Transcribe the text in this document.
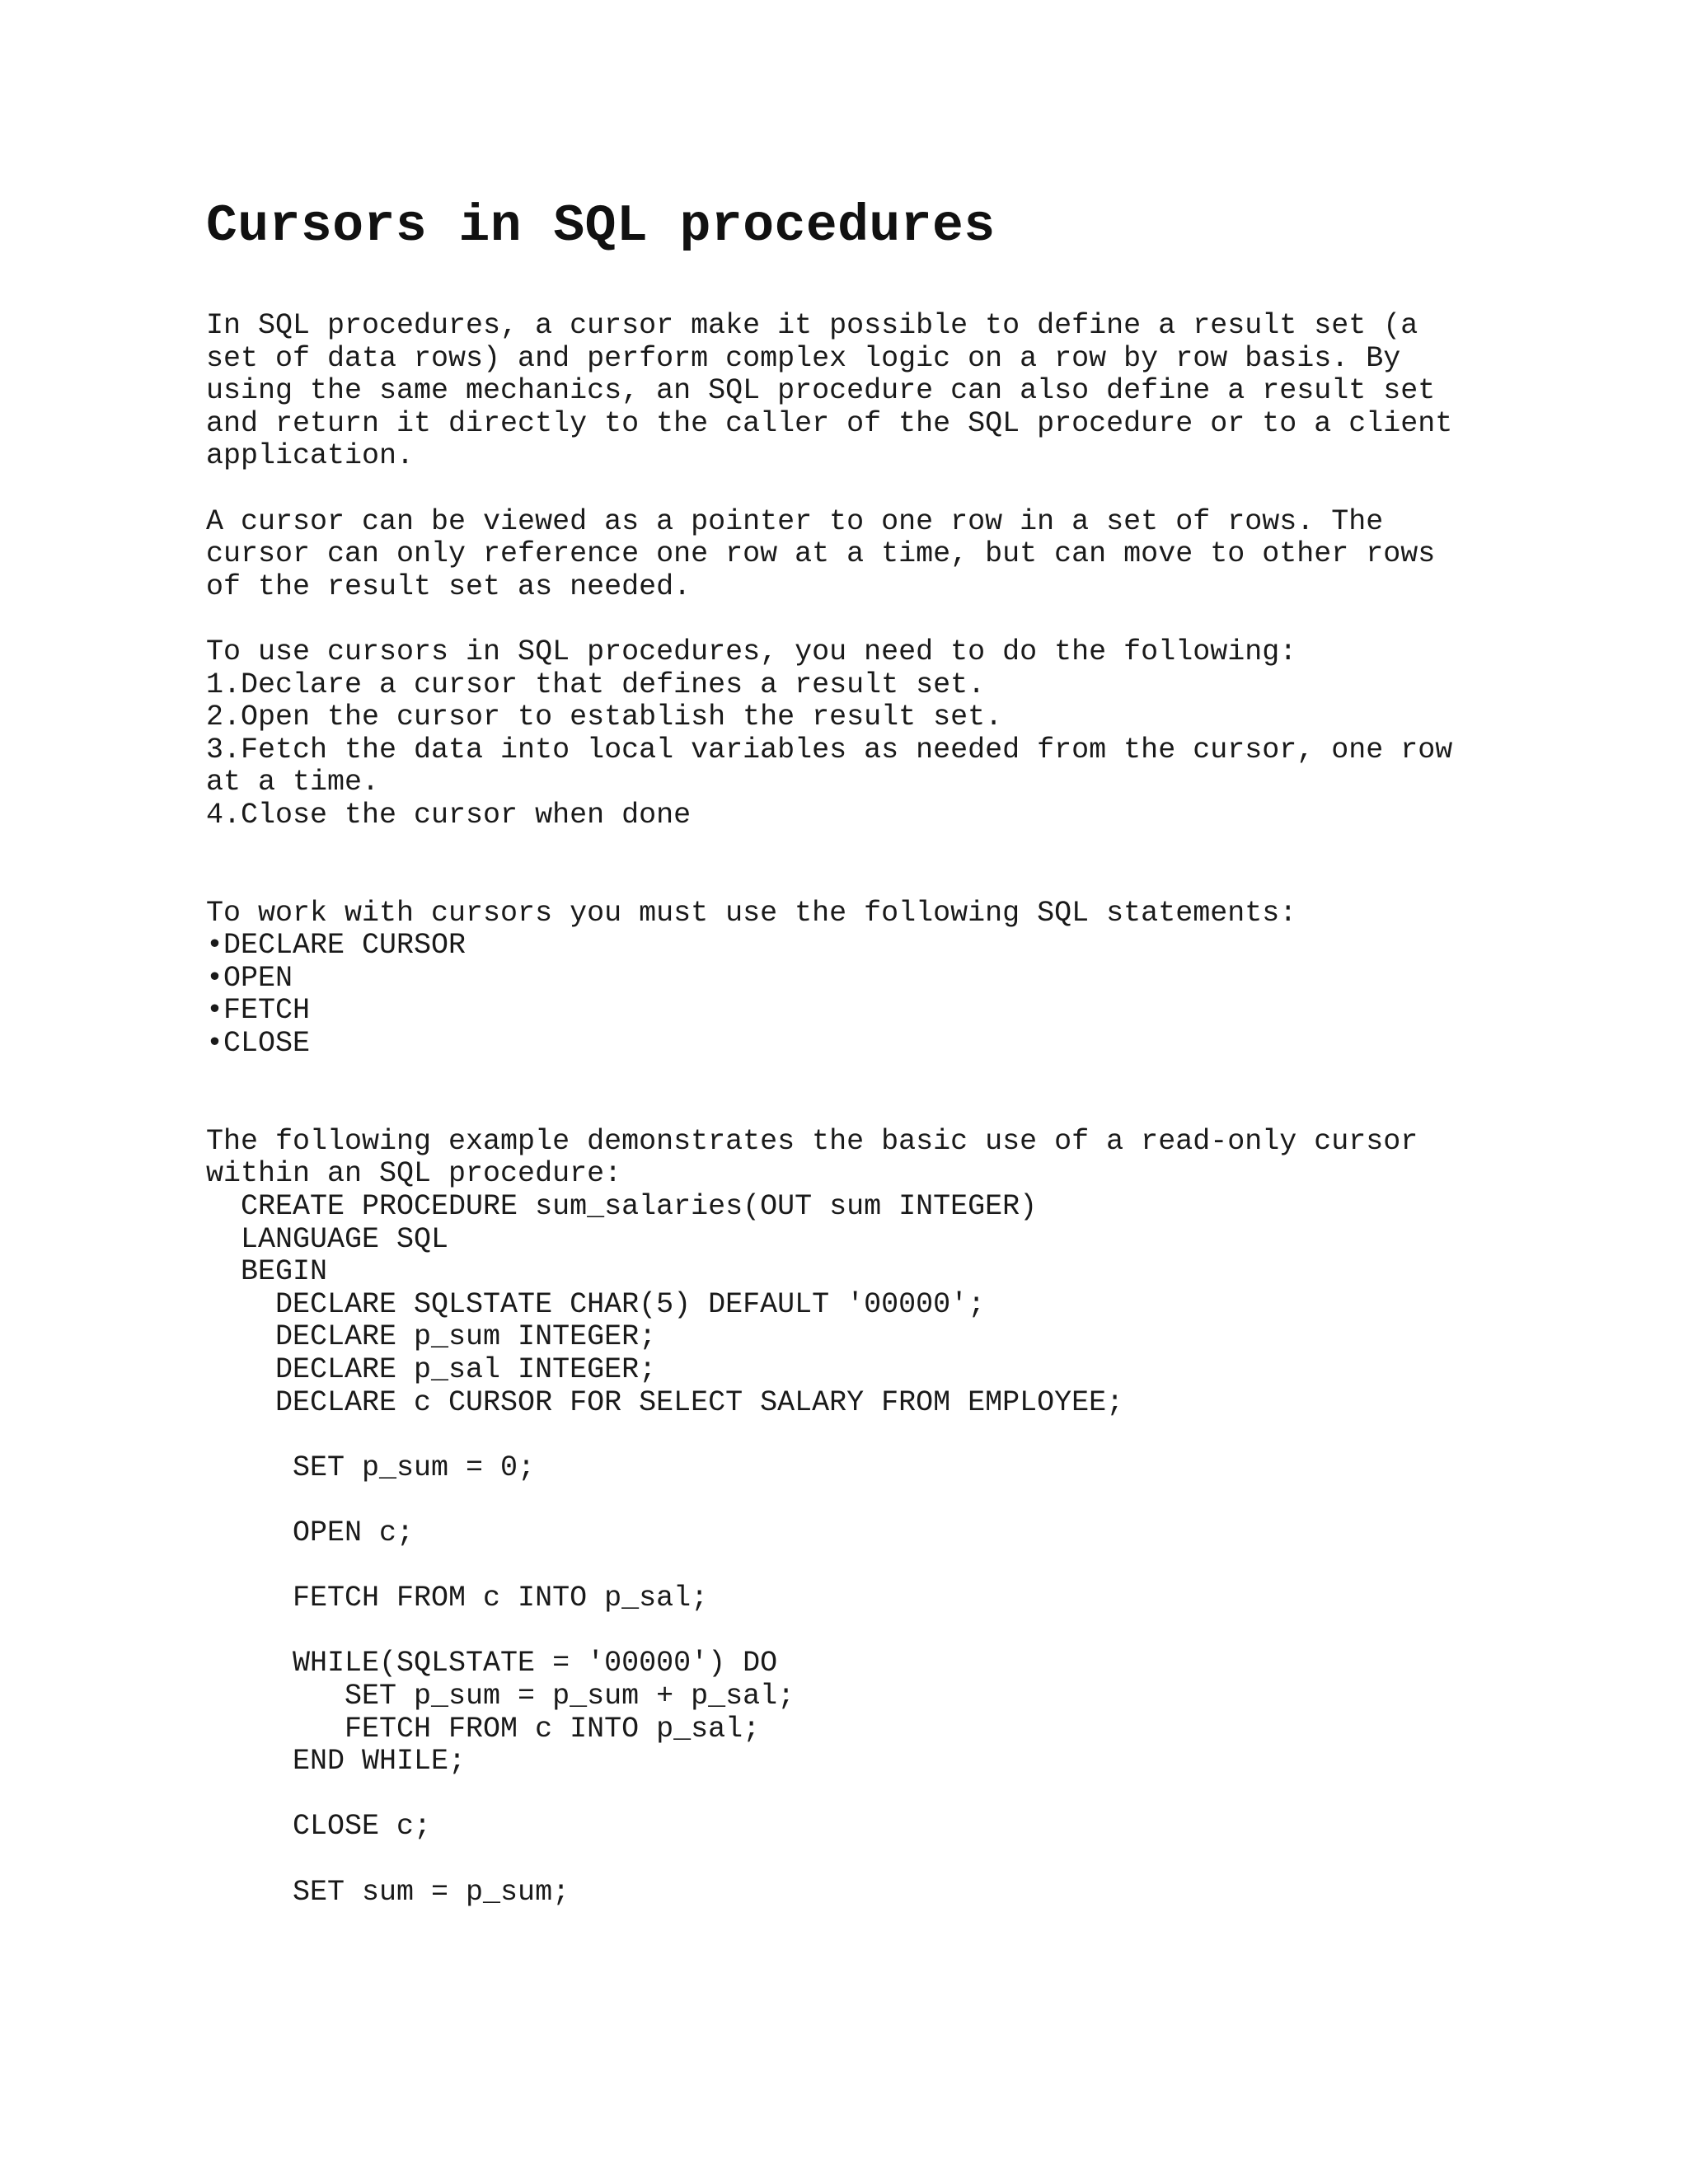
Cursors in SQL procedures
In SQL procedures, a cursor make it possible to define a result set (a
set of data rows) and perform complex logic on a row by row basis. By
using the same mechanics, an SQL procedure can also define a result set
and return it directly to the caller of the SQL procedure or to a client
application.
A cursor can be viewed as a pointer to one row in a set of rows. The
cursor can only reference one row at a time, but can move to other rows
of the result set as needed.
To use cursors in SQL procedures, you need to do the following:
1.Declare a cursor that defines a result set.
2.Open the cursor to establish the result set.
3.Fetch the data into local variables as needed from the cursor, one row
at a time.
4.Close the cursor when done
To work with cursors you must use the following SQL statements:
•DECLARE CURSOR
•OPEN
•FETCH
•CLOSE
The following example demonstrates the basic use of a read-only cursor
within an SQL procedure:
CREATE PROCEDURE sum_salaries(OUT sum INTEGER)
LANGUAGE SQL
BEGIN
DECLARE SQLSTATE CHAR(5) DEFAULT '00000';
DECLARE p_sum INTEGER;
DECLARE p_sal INTEGER;
DECLARE c CURSOR FOR SELECT SALARY FROM EMPLOYEE;
SET p_sum = 0;
OPEN c;
FETCH FROM c INTO p_sal;
WHILE(SQLSTATE = '00000') DO
SET p_sum = p_sum + p_sal;
FETCH FROM c INTO p_sal;
END WHILE;
CLOSE c;
SET sum = p_sum;
